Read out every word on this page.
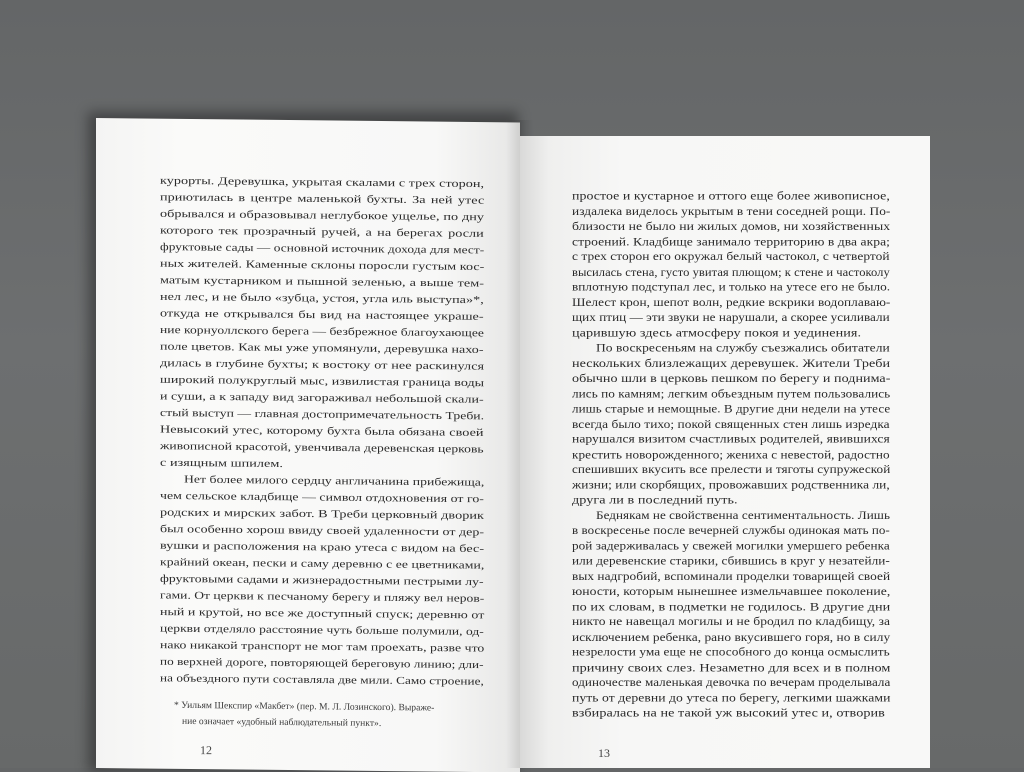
курорты. Деревушка, укрытая скалами с трех сторон,
приютилась в центре маленькой бухты. За ней утес
обрывался и образовывал неглубокое ущелье, по дну
которого тек прозрачный ручей, а на берегах росли
фруктовые сады — основной источник дохода для мест-
ных жителей. Каменные склоны поросли густым кос-
матым кустарником и пышной зеленью, а выше тем-
нел лес, и не было «зубца, устоя, угла иль выступа»*,
откуда не открывался бы вид на настоящее украше-
ние корнуоллского берега — безбрежное благоухающее
поле цветов. Как мы уже упомянули, деревушка нахо-
дилась в глубине бухты; к востоку от нее раскинулся
широкий полукруглый мыс, извилистая граница воды
и суши, а к западу вид загораживал небольшой скали-
стый выступ — главная достопримечательность Треби.
Невысокий утес, которому бухта была обязана своей
живописной красотой, увенчивала деревенская церковь
с изящным шпилем.
Нет более милого сердцу англичанина прибежища,
чем сельское кладбище — символ отдохновения от го-
родских и мирских забот. В Треби церковный дворик
был особенно хорош ввиду своей удаленности от дер-
вушки и расположения на краю утеса с видом на бес-
крайний океан, пески и саму деревню с ее цветниками,
фруктовыми садами и жизнерадостными пестрыми лу-
гами. От церкви к песчаному берегу и пляжу вел неров-
ный и крутой, но все же доступный спуск; деревню от
церкви отделяло расстояние чуть больше полумили, од-
нако никакой транспорт не мог там проехать, разве что
по верхней дороге, повторяющей береговую линию; дли-
на объездного пути составляла две мили. Само строение,
* Уильям Шекспир «Макбет» (пер. М. Л. Лозинского). Выраже-
ние означает «удобный наблюдательный пункт».
12
простое и кустарное и оттого еще более живописное,
издалека виделось укрытым в тени соседней рощи. По-
близости не было ни жилых домов, ни хозяйственных
строений. Кладбище занимало территорию в два акра;
с трех сторон его окружал белый частокол, с четвертой
высилась стена, густо увитая плющом; к стене и частоколу
вплотную подступал лес, и только на утесе его не было.
Шелест крон, шепот волн, редкие вскрики водоплаваю-
щих птиц — эти звуки не нарушали, а скорее усиливали
царившую здесь атмосферу покоя и уединения.
По воскресеньям на службу съезжались обитатели
нескольких близлежащих деревушек. Жители Треби
обычно шли в церковь пешком по берегу и поднима-
лись по камням; легким объездным путем пользовались
лишь старые и немощные. В другие дни недели на утесе
всегда было тихо; покой священных стен лишь изредка
нарушался визитом счастливых родителей, явившихся
крестить новорожденного; жениха с невестой, радостно
спешивших вкусить все прелести и тяготы супружеской
жизни; или скорбящих, провожавших родственника ли,
друга ли в последний путь.
Беднякам не свойственна сентиментальность. Лишь
в воскресенье после вечерней службы одинокая мать по-
рой задерживалась у свежей могилки умершего ребенка
или деревенские старики, сбившись в круг у незатейли-
вых надгробий, вспоминали проделки товарищей своей
юности, которым нынешнее измельчавшее поколение,
по их словам, в подметки не годилось. В другие дни
никто не навещал могилы и не бродил по кладбищу, за
исключением ребенка, рано вкусившего горя, но в силу
незрелости ума еще не способного до конца осмыслить
причину своих слез. Незаметно для всех и в полном
одиночестве маленькая девочка по вечерам проделывала
путь от деревни до утеса по берегу, легкими шажками
взбиралась на не такой уж высокий утес и, отворив
13
